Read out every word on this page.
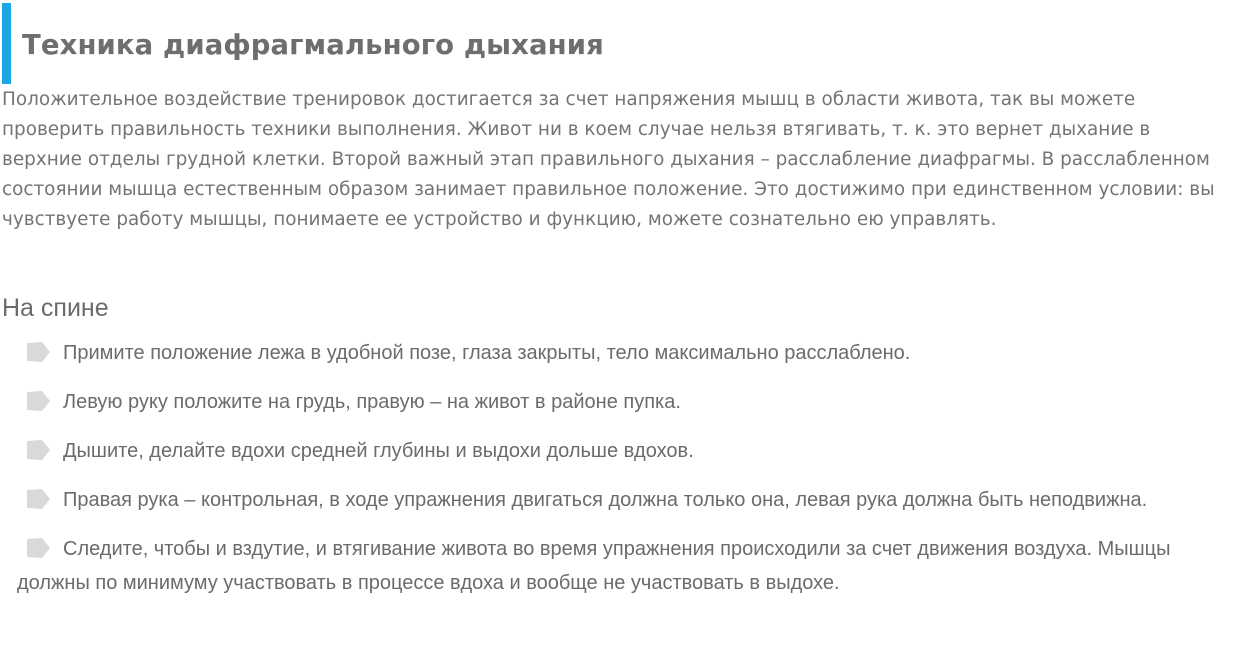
Техника диафрагмального дыхания

Положительное воздействие тренировок достигается за счет напряжения мышц в области живота, так вы можете проверить правильность техники выполнения. Живот ни в коем случае нельзя втягивать, т. к. это вернет дыхание в верхние отделы грудной клетки. Второй важный этап правильного дыхания – расслабление диафрагмы. В расслабленном состоянии мышца естественным образом занимает правильное положение. Это достижимо при единственном условии: вы чувствуете работу мышцы, понимаете ее устройство и функцию, можете сознательно ею управлять.

На спине
Примите положение лежа в удобной позе, глаза закрыты, тело максимально расслаблено.
Левую руку положите на грудь, правую – на живот в районе пупка.
Дышите, делайте вдохи средней глубины и выдохи дольше вдохов.
Правая рука – контрольная, в ходе упражнения двигаться должна только она, левая рука должна быть неподвижна.
Следите, чтобы и вздутие, и втягивание живота во время упражнения происходили за счет движения воздуха. Мышцы должны по минимуму участвовать в процессе вдоха и вообще не участвовать в выдохе.
